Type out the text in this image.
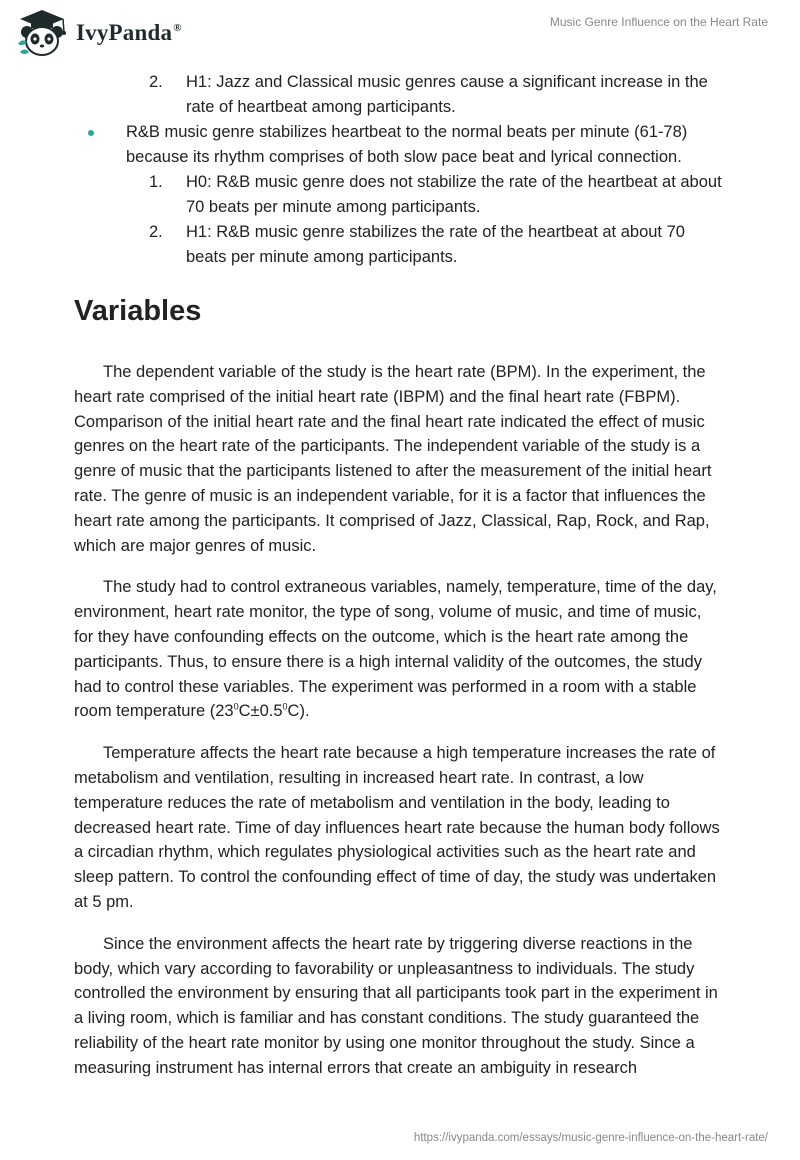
IvyPanda®	Music Genre Influence on the Heart Rate
2. H1: Jazz and Classical music genres cause a significant increase in the rate of heartbeat among participants.
R&B music genre stabilizes heartbeat to the normal beats per minute (61-78) because its rhythm comprises of both slow pace beat and lyrical connection.
1. H0: R&B music genre does not stabilize the rate of the heartbeat at about 70 beats per minute among participants.
2. H1: R&B music genre stabilizes the rate of the heartbeat at about 70 beats per minute among participants.
Variables

The dependent variable of the study is the heart rate (BPM). In the experiment, the heart rate comprised of the initial heart rate (IBPM) and the final heart rate (FBPM). Comparison of the initial heart rate and the final heart rate indicated the effect of music genres on the heart rate of the participants. The independent variable of the study is a genre of music that the participants listened to after the measurement of the initial heart rate. The genre of music is an independent variable, for it is a factor that influences the heart rate among the participants. It comprised of Jazz, Classical, Rap, Rock, and Rap, which are major genres of music.

The study had to control extraneous variables, namely, temperature, time of the day, environment, heart rate monitor, the type of song, volume of music, and time of music, for they have confounding effects on the outcome, which is the heart rate among the participants. Thus, to ensure there is a high internal validity of the outcomes, the study had to control these variables. The experiment was performed in a room with a stable room temperature $(23^0C\pm 0.5^0C)$.

Temperature affects the heart rate because a high temperature increases the rate of metabolism and ventilation, resulting in increased heart rate. In contrast, a low temperature reduces the rate of metabolism and ventilation in the body, leading to decreased heart rate. Time of day influences heart rate because the human body follows a circadian rhythm, which regulates physiological activities such as the heart rate and sleep pattern. To control the confounding effect of time of day, the study was undertaken at 5 pm.

Since the environment affects the heart rate by triggering diverse reactions in the body, which vary according to favorability or unpleasantness to individuals. The study controlled the environment by ensuring that all participants took part in the experiment in a living room, which is familiar and has constant conditions. The study guaranteed the reliability of the heart rate monitor by using one monitor throughout the study. Since a measuring instrument has internal errors that create an ambiguity in research

https://ivypanda.com/essays/music-genre-influence-on-the-heart-rate/
